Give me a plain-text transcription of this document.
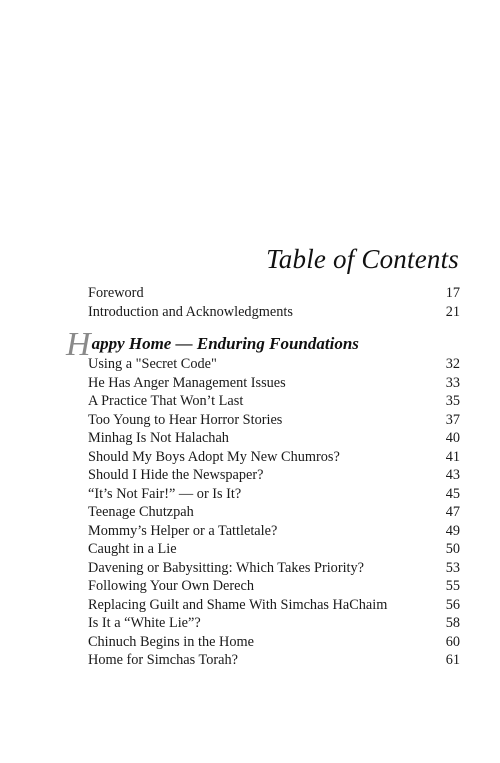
Table of Contents
Foreword	17
Introduction and Acknowledgments	21
Happy Home — Enduring Foundations
Using a "Secret Code"	32
He Has Anger Management Issues	33
A Practice That Won’t Last	35
Too Young to Hear Horror Stories	37
Minhag Is Not Halachah	40
Should My Boys Adopt My New Chumros?	41
Should I Hide the Newspaper?	43
“It’s Not Fair!” — or Is It?	45
Teenage Chutzpah	47
Mommy’s Helper or a Tattletale?	49
Caught in a Lie	50
Davening or Babysitting: Which Takes Priority?	53
Following Your Own Derech	55
Replacing Guilt and Shame With Simchas HaChaim	56
Is It a “White Lie”?	58
Chinuch Begins in the Home	60
Home for Simchas Torah?	61
